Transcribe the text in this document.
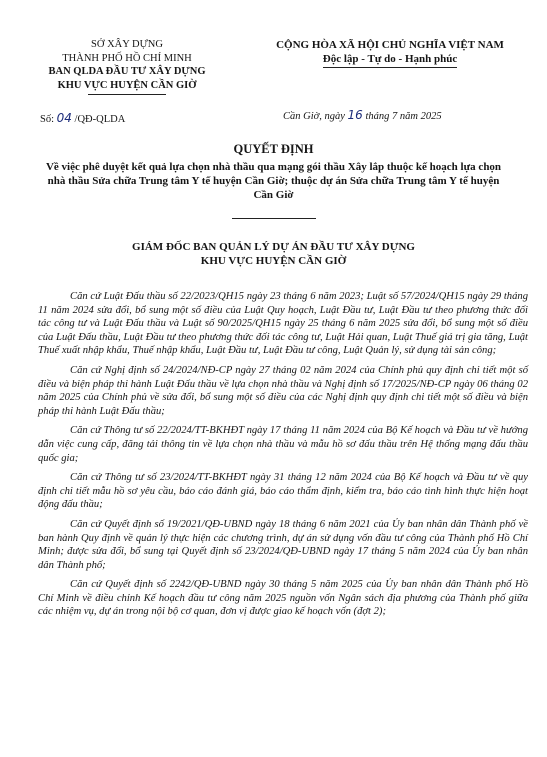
SỞ XÂY DỰNG
THÀNH PHỐ HỒ CHÍ MINH
BAN QLDA ĐẦU TƯ XÂY DỰNG
KHU VỰC HUYỆN CẦN GIỜ
CỘNG HÒA XÃ HỘI CHỦ NGHĨA VIỆT NAM
Độc lập - Tự do - Hạnh phúc
Số: 04 /QĐ-QLDA	Cần Giờ, ngày 16 tháng 7 năm 2025
QUYẾT ĐỊNH
Về việc phê duyệt kết quả lựa chọn nhà thầu qua mạng gói thầu Xây lắp thuộc kế hoạch lựa chọn nhà thầu Sửa chữa Trung tâm Y tế huyện Cần Giờ; thuộc dự án Sửa chữa Trung tâm Y tế huyện Cần Giờ
GIÁM ĐỐC BAN QUẢN LÝ DỰ ÁN ĐẦU TƯ XÂY DỰNG
KHU VỰC HUYỆN CẦN GIỜ

Căn cứ Luật Đấu thầu số 22/2023/QH15 ngày 23 tháng 6 năm 2023; Luật số 57/2024/QH15 ngày 29 tháng 11 năm 2024 sửa đổi, bổ sung một số điều của Luật Quy hoạch, Luật Đầu tư, Luật Đầu tư theo phương thức đối tác công tư và Luật Đấu thầu và Luật số 90/2025/QH15 ngày 25 tháng 6 năm 2025 sửa đổi, bổ sung một số điều của Luật Đấu thầu, Luật Đầu tư theo phương thức đối tác công tư, Luật Hải quan, Luật Thuế giá trị gia tăng, Luật Thuế xuất nhập khẩu, Thuế nhập khẩu, Luật Đầu tư, Luật Đầu tư công, Luật Quản lý, sử dụng tài sản công;

Căn cứ Nghị định số 24/2024/NĐ-CP ngày 27 tháng 02 năm 2024 của Chính phủ quy định chi tiết một số điều và biện pháp thi hành Luật Đấu thầu về lựa chọn nhà thầu và Nghị định số 17/2025/NĐ-CP ngày 06 tháng 02 năm 2025 của Chính phủ về sửa đổi, bổ sung một số điều của các Nghị định quy định chi tiết một số điều và biện pháp thi hành Luật Đấu thầu;

Căn cứ Thông tư số 22/2024/TT-BKHĐT ngày 17 tháng 11 năm 2024 của Bộ Kế hoạch và Đầu tư về hướng dẫn việc cung cấp, đăng tải thông tin về lựa chọn nhà thầu và mẫu hồ sơ đấu thầu trên Hệ thống mạng đấu thầu quốc gia;

Căn cứ Thông tư số 23/2024/TT-BKHĐT ngày 31 tháng 12 năm 2024 của Bộ Kế hoạch và Đầu tư về quy định chi tiết mẫu hồ sơ yêu cầu, báo cáo đánh giá, báo cáo thẩm định, kiểm tra, báo cáo tình hình thực hiện hoạt động đấu thầu;

Căn cứ Quyết định số 19/2021/QĐ-UBND ngày 18 tháng 6 năm 2021 của Ủy ban nhân dân Thành phố về ban hành Quy định về quản lý thực hiện các chương trình, dự án sử dụng vốn đầu tư công của Thành phố Hồ Chí Minh; được sửa đổi, bổ sung tại Quyết định số 23/2024/QĐ-UBND ngày 17 tháng 5 năm 2024 của Ủy ban nhân dân Thành phố;

Căn cứ Quyết định số 2242/QĐ-UBND ngày 30 tháng 5 năm 2025 của Ủy ban nhân dân Thành phố Hồ Chí Minh về điều chỉnh Kế hoạch đầu tư công năm 2025 nguồn vốn Ngân sách địa phương của Thành phố giữa các nhiệm vụ, dự án trong nội bộ cơ quan, đơn vị được giao kế hoạch vốn (đợt 2);
